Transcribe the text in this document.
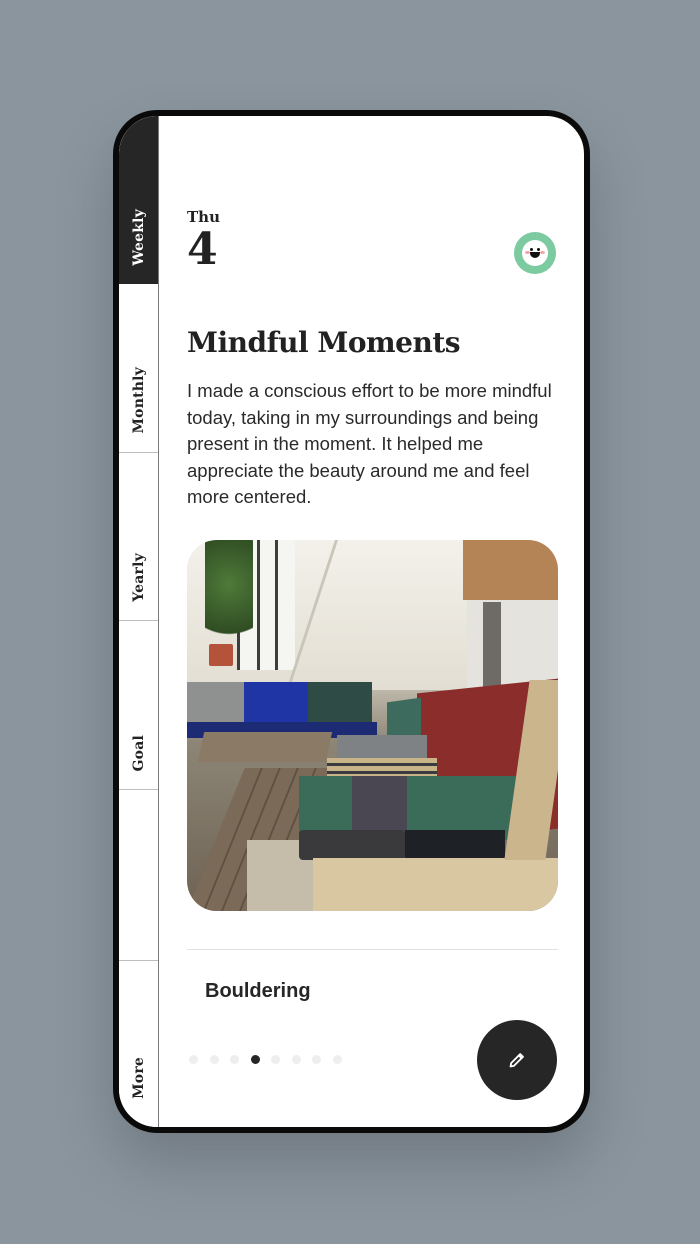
Weekly
Monthly
Yearly
Goal
More
Thu
4
Mindful Moments

I made a conscious effort to be more mindful today, taking in my surroundings and being present in the moment. It helped me appreciate the beauty around me and feel more centered.

Bouldering
